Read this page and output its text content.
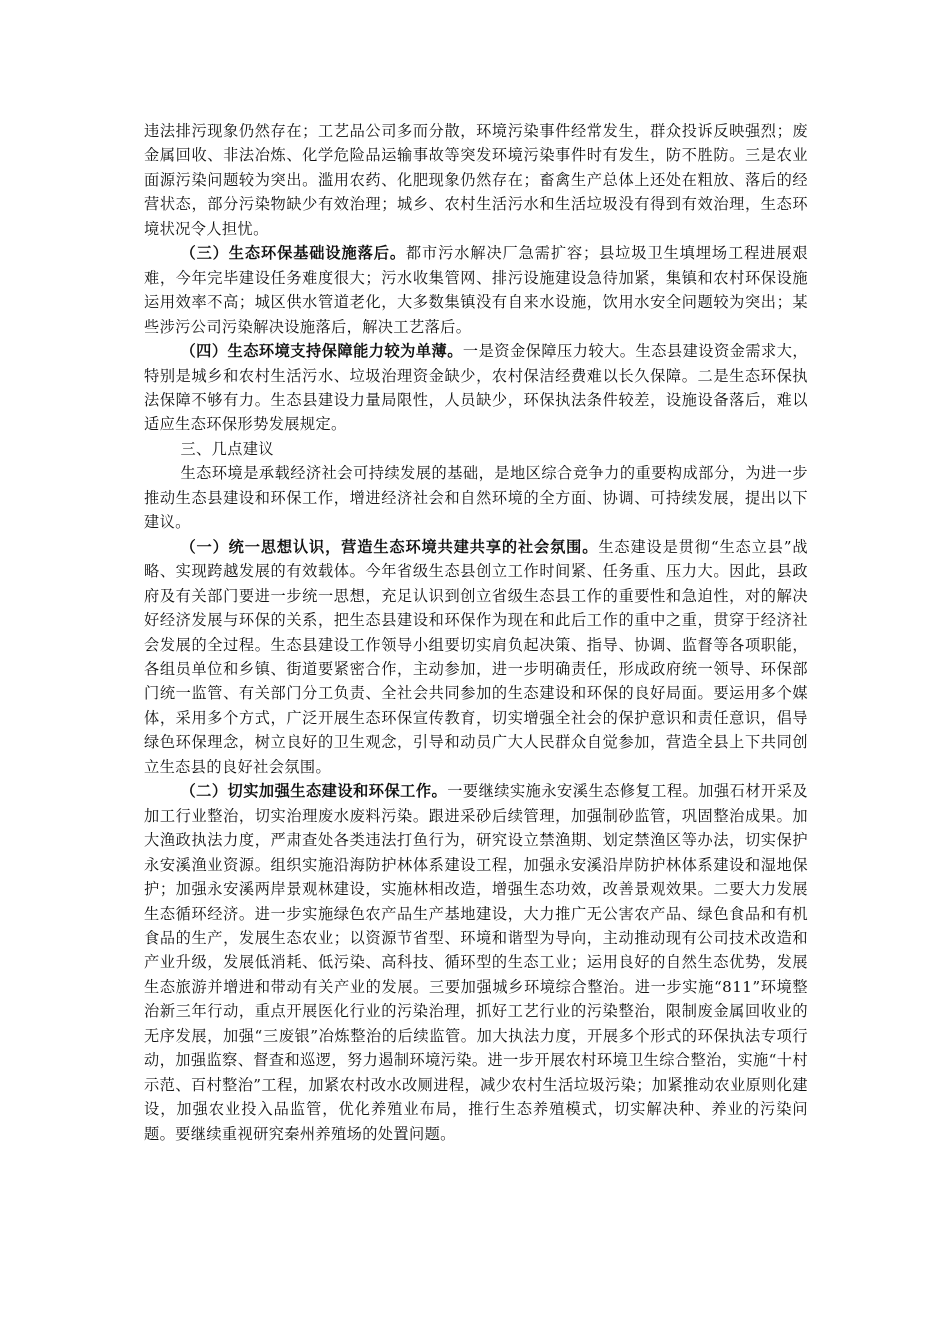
违法排污现象仍然存在；工艺品公司多而分散，环境污染事件经常发生，群众投诉反映强烈；废金属回收、非法冶炼、化学危险品运输事故等突发环境污染事件时有发生，防不胜防。三是农业面源污染问题较为突出。滥用农药、化肥现象仍然存在；畜禽生产总体上还处在粗放、落后的经营状态，部分污染物缺少有效治理；城乡、农村生活污水和生活垃圾没有得到有效治理，生态环境状况令人担忧。

（三）生态环保基础设施落后。都市污水解决厂急需扩容；县垃圾卫生填埋场工程进展艰难，今年完毕建设任务难度很大；污水收集管网、排污设施建设急待加紧，集镇和农村环保设施运用效率不高；城区供水管道老化，大多数集镇没有自来水设施，饮用水安全问题较为突出；某些涉污公司污染解决设施落后，解决工艺落后。

（四）生态环境支持保障能力较为单薄。一是资金保障压力较大。生态县建设资金需求大，特别是城乡和农村生活污水、垃圾治理资金缺少，农村保洁经费难以长久保障。二是生态环保执法保障不够有力。生态县建设力量局限性，人员缺少，环保执法条件较差，设施设备落后，难以适应生态环保形势发展规定。

三、几点建议

生态环境是承载经济社会可持续发展的基础，是地区综合竞争力的重要构成部分，为进一步推动生态县建设和环保工作，增进经济社会和自然环境的全方面、协调、可持续发展，提出以下建议。

（一）统一思想认识，营造生态环境共建共享的社会氛围。生态建设是贯彻“生态立县”战略、实现跨越发展的有效载体。今年省级生态县创立工作时间紧、任务重、压力大。因此，县政府及有关部门要进一步统一思想，充足认识到创立省级生态县工作的重要性和急迫性，对的解决好经济发展与环保的关系，把生态县建设和环保作为现在和此后工作的重中之重，贯穿于经济社会发展的全过程。生态县建设工作领导小组要切实肩负起决策、指导、协调、监督等各项职能，各组员单位和乡镇、街道要紧密合作，主动参加，进一步明确责任，形成政府统一领导、环保部门统一监管、有关部门分工负责、全社会共同参加的生态建设和环保的良好局面。要运用多个媒体，采用多个方式，广泛开展生态环保宣传教育，切实增强全社会的保护意识和责任意识，倡导绿色环保理念，树立良好的卫生观念，引导和动员广大人民群众自觉参加，营造全县上下共同创立生态县的良好社会氛围。

（二）切实加强生态建设和环保工作。一要继续实施永安溪生态修复工程。加强石材开采及加工行业整治，切实治理废水废料污染。跟进采砂后续管理，加强制砂监管，巩固整治成果。加大渔政执法力度，严肃查处各类违法打鱼行为，研究设立禁渔期、划定禁渔区等办法，切实保护永安溪渔业资源。组织实施沿海防护林体系建设工程，加强永安溪沿岸防护林体系建设和湿地保护；加强永安溪两岸景观林建设，实施林相改造，增强生态功效，改善景观效果。二要大力发展生态循环经济。进一步实施绿色农产品生产基地建设，大力推广无公害农产品、绿色食品和有机食品的生产，发展生态农业；以资源节省型、环境和谐型为导向，主动推动现有公司技术改造和产业升级，发展低消耗、低污染、高科技、循环型的生态工业；运用良好的自然生态优势，发展生态旅游并增进和带动有关产业的发展。三要加强城乡环境综合整治。进一步实施“811”环境整治新三年行动，重点开展医化行业的污染治理，抓好工艺行业的污染整治，限制废金属回收业的无序发展，加强“三废银”冶炼整治的后续监管。加大执法力度，开展多个形式的环保执法专项行动，加强监察、督查和巡逻，努力遏制环境污染。进一步开展农村环境卫生综合整治，实施“十村示范、百村整治”工程，加紧农村改水改厕进程，减少农村生活垃圾污染；加紧推动农业原则化建设，加强农业投入品监管，优化养殖业布局，推行生态养殖模式，切实解决种、养业的污染问题。要继续重视研究秦州养殖场的处置问题。
